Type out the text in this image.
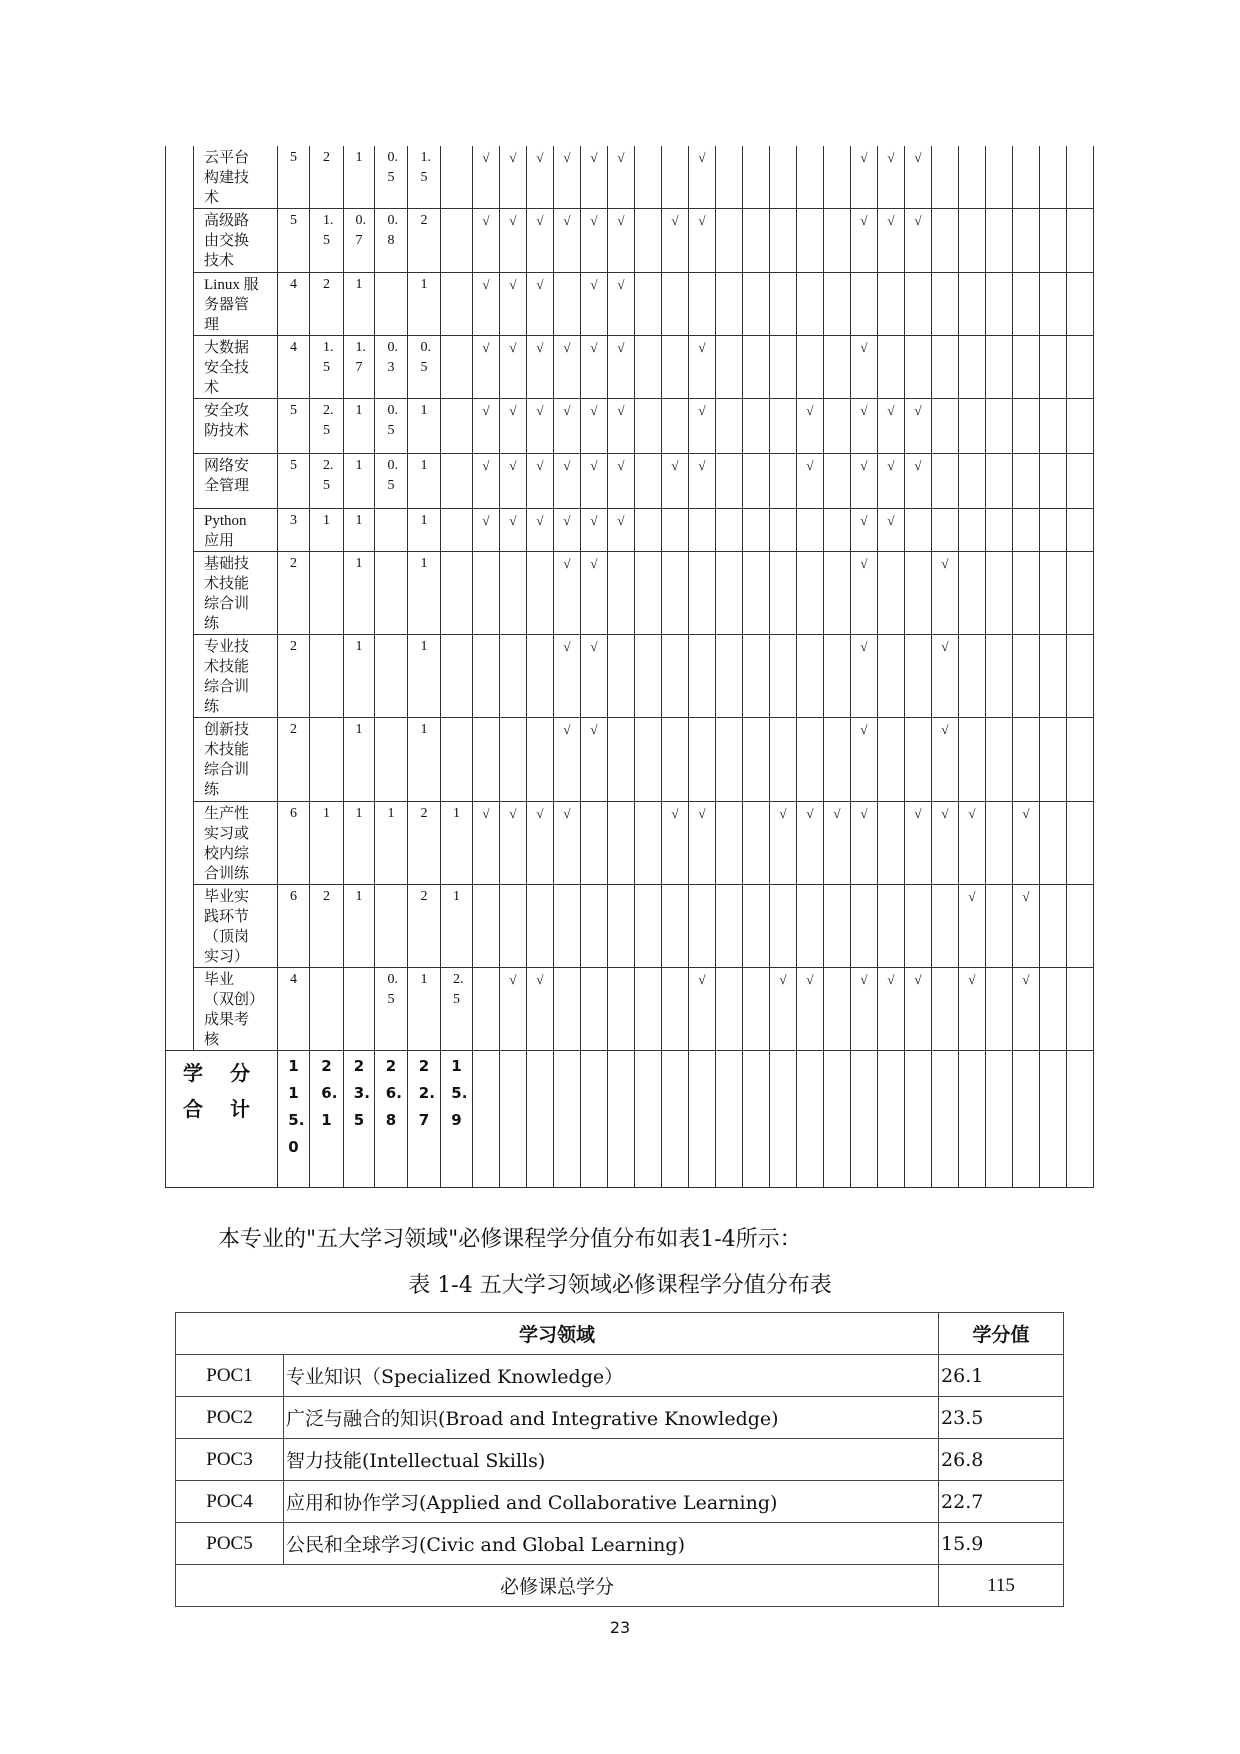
	云平台构建技术	5	2	1	0.5	1.5		√	√	√	√	√	√			√						√	√	√						
	高级路由交换技术	5	1.5	0.7	0.8	2		√	√	√	√	√	√		√	√						√	√	√						
	Linux 服务器管理	4	2	1		1		√	√	√		√	√																	
	大数据安全技术	4	1.5	1.7	0.3	0.5		√	√	√	√	√	√			√						√								
	安全攻防技术	5	2.5	1	0.5	1		√	√	√	√	√	√			√				√		√	√	√						
	网络安全管理	5	2.5	1	0.5	1		√	√	√	√	√	√		√	√				√		√	√	√						
	Python 应用	3	1	1		1		√	√	√	√	√	√									√	√							
	基础技术技能综合训练	2		1		1					√	√										√			√					
	专业技术技能综合训练	2		1		1					√	√										√			√					
	创新技术技能综合训练	2		1		1					√	√										√			√					
	生产性实习或校内综合训练	6	1	1	1	2	1	√	√	√	√				√	√			√	√	√	√		√	√	√		√		
	毕业实践环节（顶岗实习）	6	2	1		2	1																			√		√		
	毕业（双创）成果考核	4			0.5	1	2.5		√	√						√			√	√		√	√	√		√		√		
学 分 合 计		115.0	26.1	23.5	26.8	22.7	15.9																							
本专业的"五大学习领域"必修课程学分值分布如表1-4所示：
表 1-4 五大学习领域必修课程学分值分布表
学习领域		学分值
POC1	专业知识（Specialized Knowledge）	26.1
POC2	广泛与融合的知识(Broad and Integrative Knowledge)	23.5
POC3	智力技能(Intellectual Skills)	26.8
POC4	应用和协作学习(Applied and Collaborative Learning)	22.7
POC5	公民和全球学习(Civic and Global Learning)	15.9
必修课总学分		115
23
